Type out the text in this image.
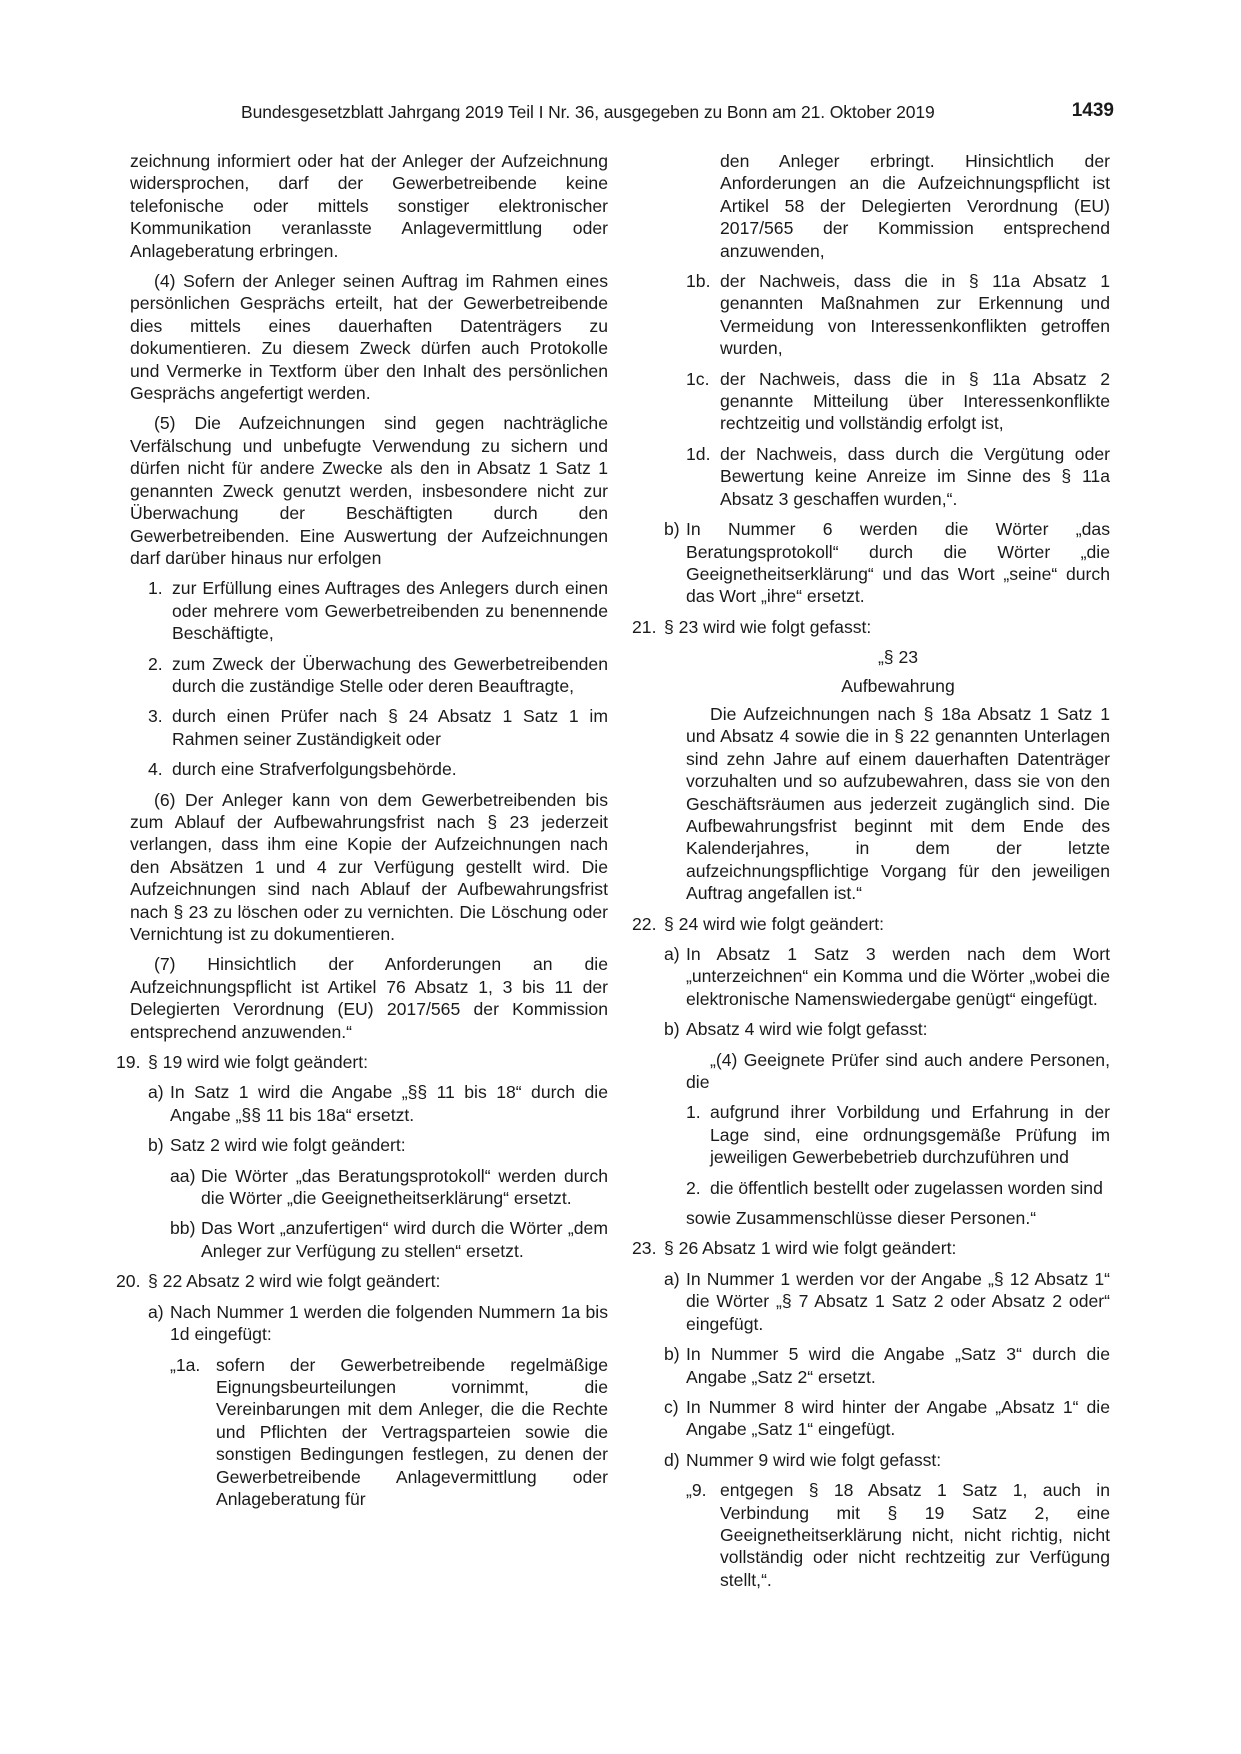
Bundesgesetzblatt Jahrgang 2019 Teil I Nr. 36, ausgegeben zu Bonn am 21. Oktober 2019	1439

zeichnung informiert oder hat der Anleger der Aufzeichnung widersprochen, darf der Gewerbetreibende keine telefonische oder mittels sonstiger elektronischer Kommunikation veranlasste Anlagevermittlung oder Anlageberatung erbringen.

(4) Sofern der Anleger seinen Auftrag im Rahmen eines persönlichen Gesprächs erteilt, hat der Gewerbetreibende dies mittels eines dauerhaften Datenträgers zu dokumentieren. Zu diesem Zweck dürfen auch Protokolle und Vermerke in Textform über den Inhalt des persönlichen Gesprächs angefertigt werden.

(5) Die Aufzeichnungen sind gegen nachträgliche Verfälschung und unbefugte Verwendung zu sichern und dürfen nicht für andere Zwecke als den in Absatz 1 Satz 1 genannten Zweck genutzt werden, insbesondere nicht zur Überwachung der Beschäftigten durch den Gewerbetreibenden. Eine Auswertung der Aufzeichnungen darf darüber hinaus nur erfolgen

1. zur Erfüllung eines Auftrages des Anlegers durch einen oder mehrere vom Gewerbetreibenden zu benennende Beschäftigte,
2. zum Zweck der Überwachung des Gewerbetreibenden durch die zuständige Stelle oder deren Beauftragte,
3. durch einen Prüfer nach § 24 Absatz 1 Satz 1 im Rahmen seiner Zuständigkeit oder
4. durch eine Strafverfolgungsbehörde.

(6) Der Anleger kann von dem Gewerbetreibenden bis zum Ablauf der Aufbewahrungsfrist nach § 23 jederzeit verlangen, dass ihm eine Kopie der Aufzeichnungen nach den Absätzen 1 und 4 zur Verfügung gestellt wird. Die Aufzeichnungen sind nach Ablauf der Aufbewahrungsfrist nach § 23 zu löschen oder zu vernichten. Die Löschung oder Vernichtung ist zu dokumentieren.

(7) Hinsichtlich der Anforderungen an die Aufzeichnungspflicht ist Artikel 76 Absatz 1, 3 bis 11 der Delegierten Verordnung (EU) 2017/565 der Kommission entsprechend anzuwenden.“

19. § 19 wird wie folgt geändert:
a) In Satz 1 wird die Angabe „§§ 11 bis 18“ durch die Angabe „§§ 11 bis 18a“ ersetzt.
b) Satz 2 wird wie folgt geändert:
aa) Die Wörter „das Beratungsprotokoll“ werden durch die Wörter „die Geeignetheitserklärung“ ersetzt.
bb) Das Wort „anzufertigen“ wird durch die Wörter „dem Anleger zur Verfügung zu stellen“ ersetzt.
20. § 22 Absatz 2 wird wie folgt geändert:
a) Nach Nummer 1 werden die folgenden Nummern 1a bis 1d eingefügt:
„1a. sofern der Gewerbetreibende regelmäßige Eignungsbeurteilungen vornimmt, die Vereinbarungen mit dem Anleger, die die Rechte und Pflichten der Vertragsparteien sowie die sonstigen Bedingungen festlegen, zu denen der Gewerbetreibende Anlagevermittlung oder Anlageberatung für

den Anleger erbringt. Hinsichtlich der Anforderungen an die Aufzeichnungspflicht ist Artikel 58 der Delegierten Verordnung (EU) 2017/565 der Kommission entsprechend anzuwenden,

1b. der Nachweis, dass die in § 11a Absatz 1 genannten Maßnahmen zur Erkennung und Vermeidung von Interessenkonflikten getroffen wurden,
1c. der Nachweis, dass die in § 11a Absatz 2 genannte Mitteilung über Interessenkonflikte rechtzeitig und vollständig erfolgt ist,
1d. der Nachweis, dass durch die Vergütung oder Bewertung keine Anreize im Sinne des § 11a Absatz 3 geschaffen wurden,“.
b) In Nummer 6 werden die Wörter „das Beratungsprotokoll“ durch die Wörter „die Geeignetheitserklärung“ und das Wort „seine“ durch das Wort „ihre“ ersetzt.
21. § 23 wird wie folgt gefasst:

„§ 23

Aufbewahrung

Die Aufzeichnungen nach § 18a Absatz 1 Satz 1 und Absatz 4 sowie die in § 22 genannten Unterlagen sind zehn Jahre auf einem dauerhaften Datenträger vorzuhalten und so aufzubewahren, dass sie von den Geschäftsräumen aus jederzeit zugänglich sind. Die Aufbewahrungsfrist beginnt mit dem Ende des Kalenderjahres, in dem der letzte aufzeichnungspflichtige Vorgang für den jeweiligen Auftrag angefallen ist.“

22. § 24 wird wie folgt geändert:
a) In Absatz 1 Satz 3 werden nach dem Wort „unterzeichnen“ ein Komma und die Wörter „wobei die elektronische Namenswiedergabe genügt“ eingefügt.
b) Absatz 4 wird wie folgt gefasst:

„(4) Geeignete Prüfer sind auch andere Personen, die

1. aufgrund ihrer Vorbildung und Erfahrung in der Lage sind, eine ordnungsgemäße Prüfung im jeweiligen Gewerbebetrieb durchzuführen und
2. die öffentlich bestellt oder zugelassen worden sind

sowie Zusammenschlüsse dieser Personen.“

23. § 26 Absatz 1 wird wie folgt geändert:
a) In Nummer 1 werden vor der Angabe „§ 12 Absatz 1“ die Wörter „§ 7 Absatz 1 Satz 2 oder Absatz 2 oder“ eingefügt.
b) In Nummer 5 wird die Angabe „Satz 3“ durch die Angabe „Satz 2“ ersetzt.
c) In Nummer 8 wird hinter der Angabe „Absatz 1“ die Angabe „Satz 1“ eingefügt.
d) Nummer 9 wird wie folgt gefasst:
„9. entgegen § 18 Absatz 1 Satz 1, auch in Verbindung mit § 19 Satz 2, eine Geeignetheitserklärung nicht, nicht richtig, nicht vollständig oder nicht rechtzeitig zur Verfügung stellt,“.
